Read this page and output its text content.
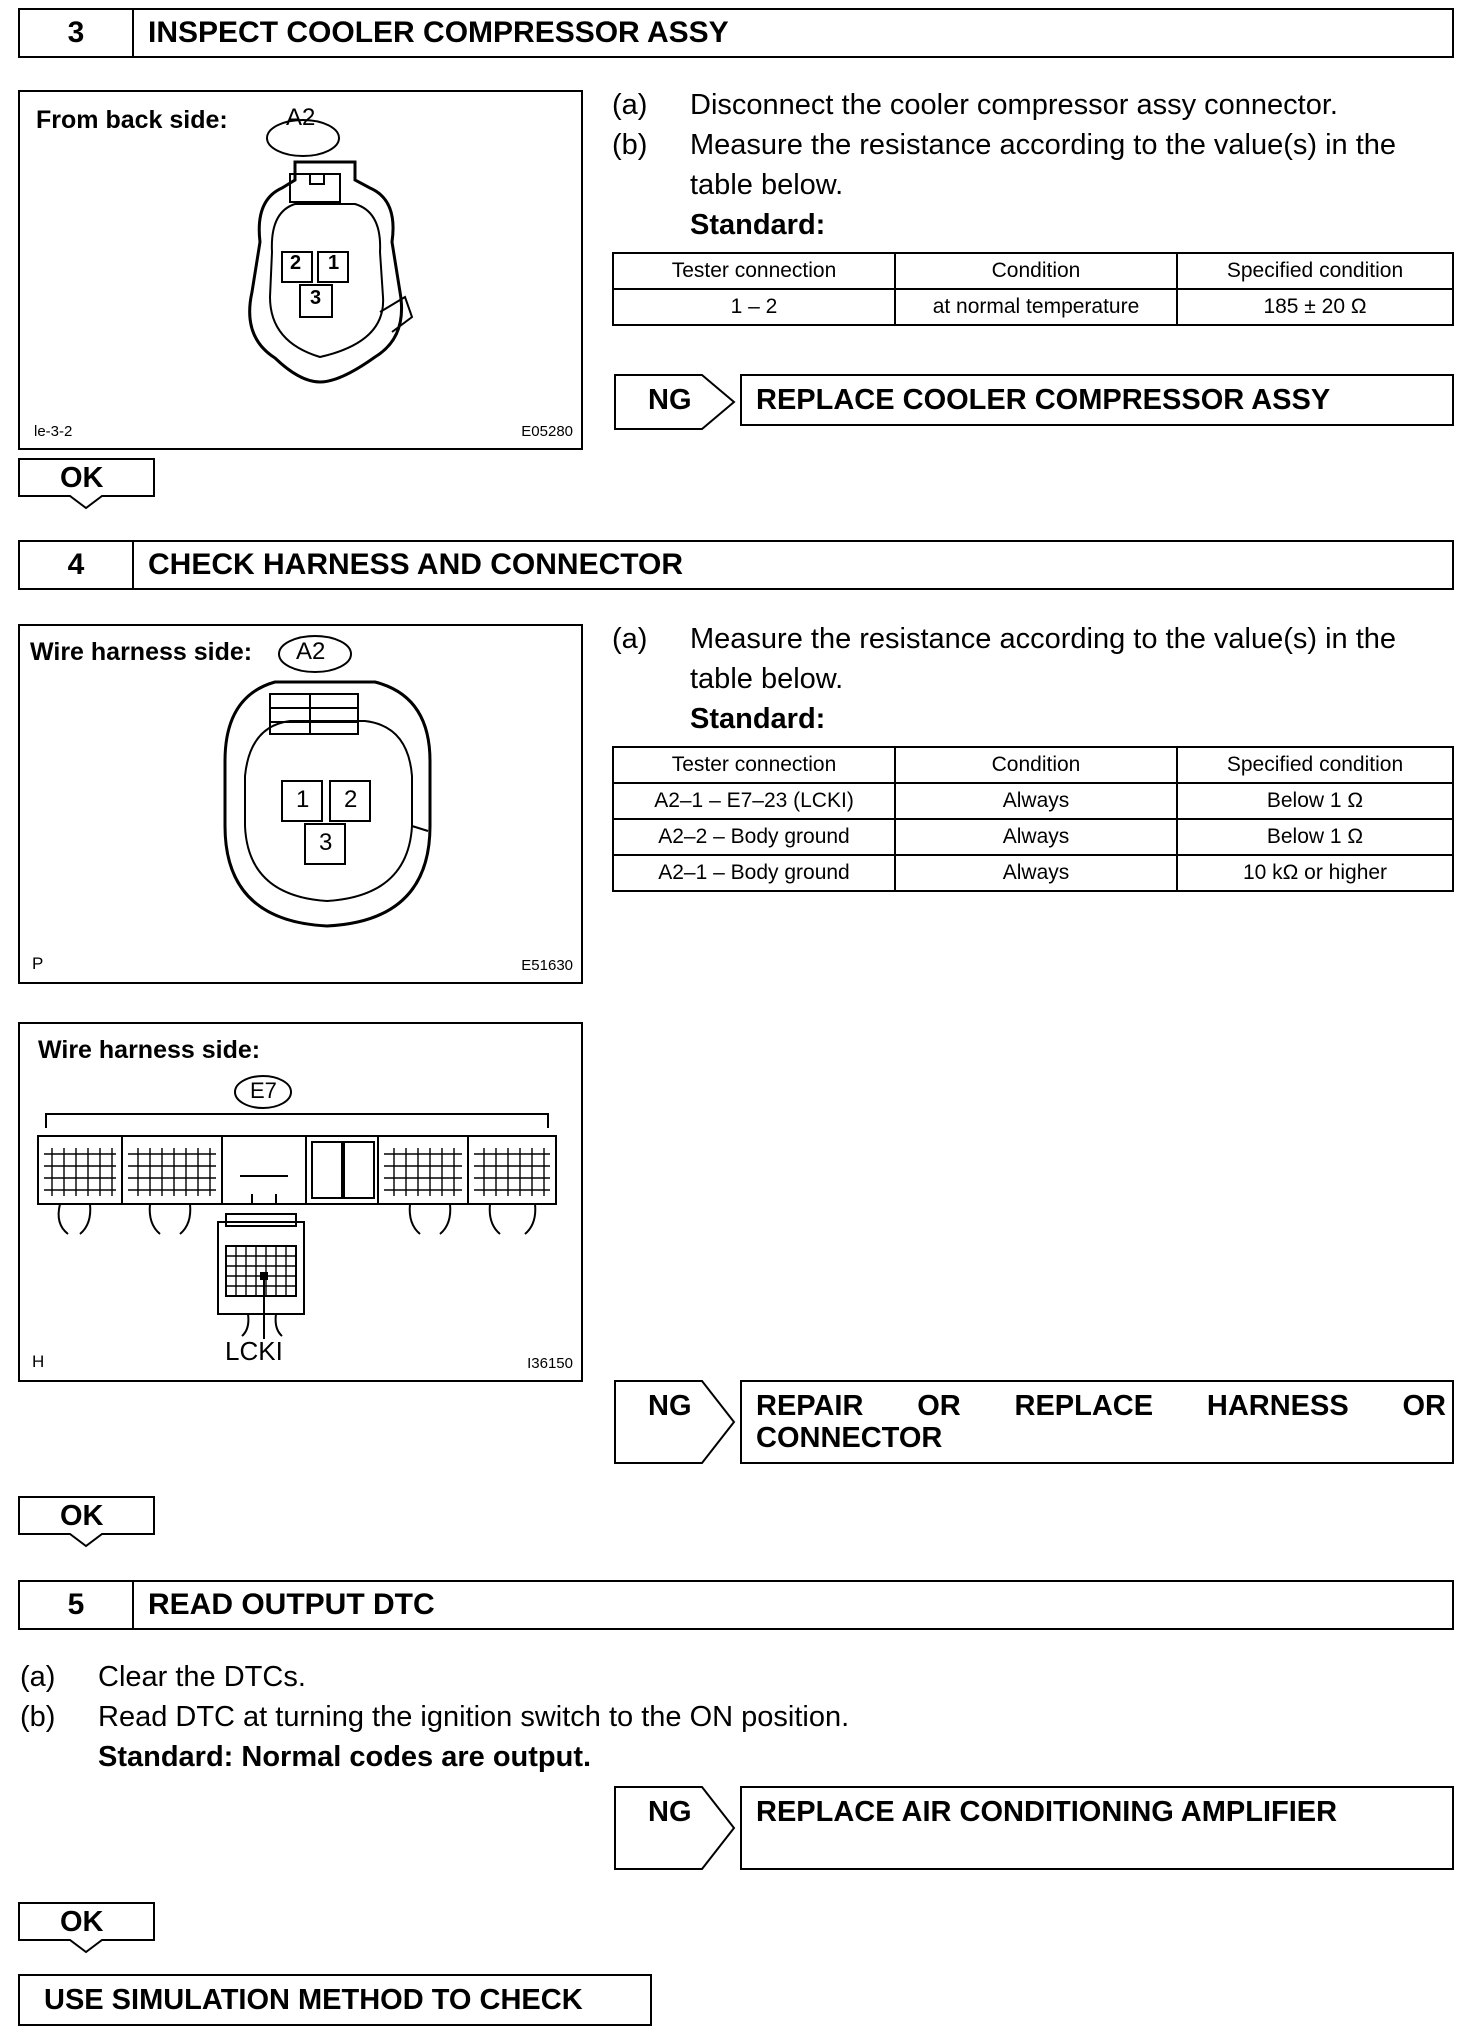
3	INSPECT COOLER COMPRESSOR ASSY
From back side: A2
2 1
3
le-3-2	E05280
(a) Disconnect the cooler compressor assy connector.
(b) Measure the resistance according to the value(s) in the
table below.
Standard:
Tester connection	Condition	Specified condition
1 – 2	at normal temperature	185 ± 20 Ω
NG REPLACE COOLER COMPRESSOR ASSY
OK
4	CHECK HARNESS AND CONNECTOR
Wire harness side: A2
1 2
3
P	E51630
Wire harness side:
E7
LCKI
H	I36150
(a) Measure the resistance according to the value(s) in the
table below.
Standard:
Tester connection	Condition	Specified condition
A2–1 – E7–23 (LCKI)	Always	Below 1 Ω
A2–2 – Body ground	Always	Below 1 Ω
A2–1 – Body ground	Always	10 kΩ or higher
NG REPAIR OR REPLACE HARNESS OR
CONNECTOR
OK
5	READ OUTPUT DTC
(a) Clear the DTCs.
(b) Read DTC at turning the ignition switch to the ON position.
Standard: Normal codes are output.
NG REPLACE AIR CONDITIONING AMPLIFIER
OK
USE SIMULATION METHOD TO CHECK
